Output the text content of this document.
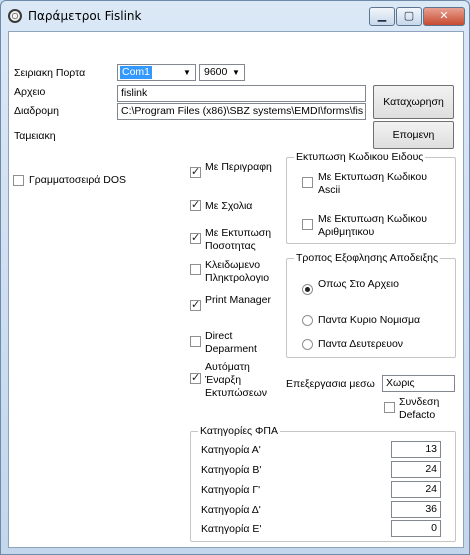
Παράμετροι Fislink	▁	▢	✕
Σειριακη Πορτα	Com1	▼ 9600 ▼
Αρχειο	fislink
Διαδρομη	C:\Program Files (x86)\SBZ systems\EMDI\forms\fis
Καταχωρηση
Επομενη
Ταμειακη
Γραμματοσειρά DOS
✓
Με Περιγραφη
✓
Με Σχολια
✓
Με Εκτυπωση Ποσοτητας
Κλειδωμενο Πληκτρολογιο
✓
Print Manager
Direct Deparment
✓
Αυτόματη Έναρξη Εκτυπώσεων
Εκτυπωση Κωδικου Ειδους
Με Εκτυπωση Κωδικου Ascii
Με Εκτυπωση Κωδικου Αριθμητικου
Τροπος Εξοφλησης Αποδειξης
Οπως Στο Αρχειο
Παντα Κυριο Νομισμα
Παντα Δευτερευον
Επεξεργασια μεσω	Χωρις
Συνδεση Defacto
Κατηγορίες ΦΠΑ
Κατηγορία Α'	13
Κατηγορία Β'	24
Κατηγορία Γ'	24
Κατηγορία Δ'	36
Κατηγορία Ε'	0
